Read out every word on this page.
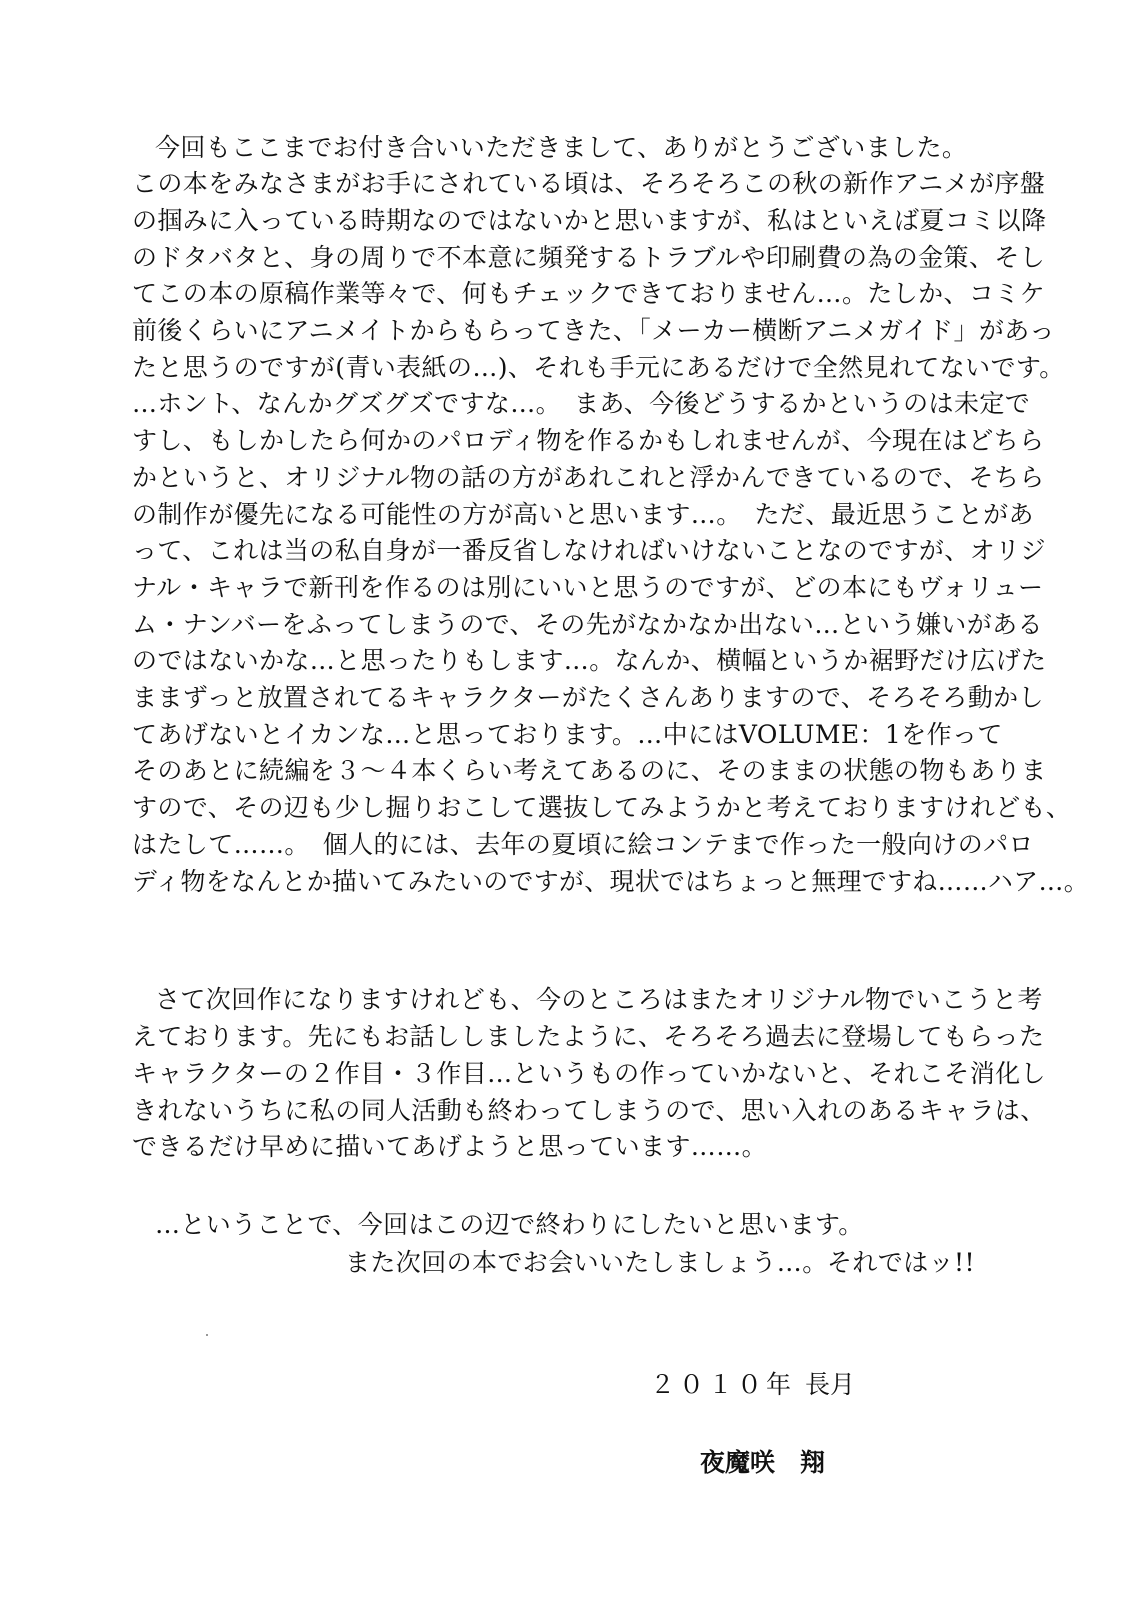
今回もここまでお付き合いいただきまして、ありがとうございました。
この本をみなさまがお手にされている頃は、そろそろこの秋の新作アニメが序盤
の掴みに入っている時期なのではないかと思いますが、私はといえば夏コミ以降
のドタバタと、身の周りで不本意に頻発するトラブルや印刷費の為の金策、そし
てこの本の原稿作業等々で、何もチェックできておりません…。たしか、コミケ
前後くらいにアニメイトからもらってきた、「メーカー横断アニメガイド」があっ
たと思うのですが(青い表紙の…)、それも手元にあるだけで全然見れてないです。
…ホント、なんかグズグズですな…。　まあ、今後どうするかというのは未定で
すし、もしかしたら何かのパロディ物を作るかもしれませんが、今現在はどちら
かというと、オリジナル物の話の方があれこれと浮かんできているので、そちら
の制作が優先になる可能性の方が高いと思います…。　ただ、最近思うことがあ
って、これは当の私自身が一番反省しなければいけないことなのですが、オリジ
ナル・キャラで新刊を作るのは別にいいと思うのですが、どの本にもヴォリュー
ム・ナンバーをふってしまうので、その先がなかなか出ない…という嫌いがある
のではないかな…と思ったりもします…。なんか、横幅というか裾野だけ広げた
ままずっと放置されてるキャラクターがたくさんありますので、そろそろ動かし
てあげないとイカンな…と思っております。…中にはVOLUME：1を作って
そのあとに続編を３～４本くらい考えてあるのに、そのままの状態の物もありま
すので、その辺も少し掘りおこして選抜してみようかと考えておりますけれども、
はたして……。　個人的には、去年の夏頃に絵コンテまで作った一般向けのパロ
ディ物をなんとか描いてみたいのですが、現状ではちょっと無理ですね……ハア…。
さて次回作になりますけれども、今のところはまたオリジナル物でいこうと考
えております。先にもお話ししましたように、そろそろ過去に登場してもらった
キャラクターの２作目・３作目…というもの作っていかないと、それこそ消化し
きれないうちに私の同人活動も終わってしまうので、思い入れのあるキャラは、
できるだけ早めに描いてあげようと思っています……。
…ということで、今回はこの辺で終わりにしたいと思います。
また次回の本でお会いいたしましょう…。 それではッ!!
２０１０年 長月
夜魔咲　翔
